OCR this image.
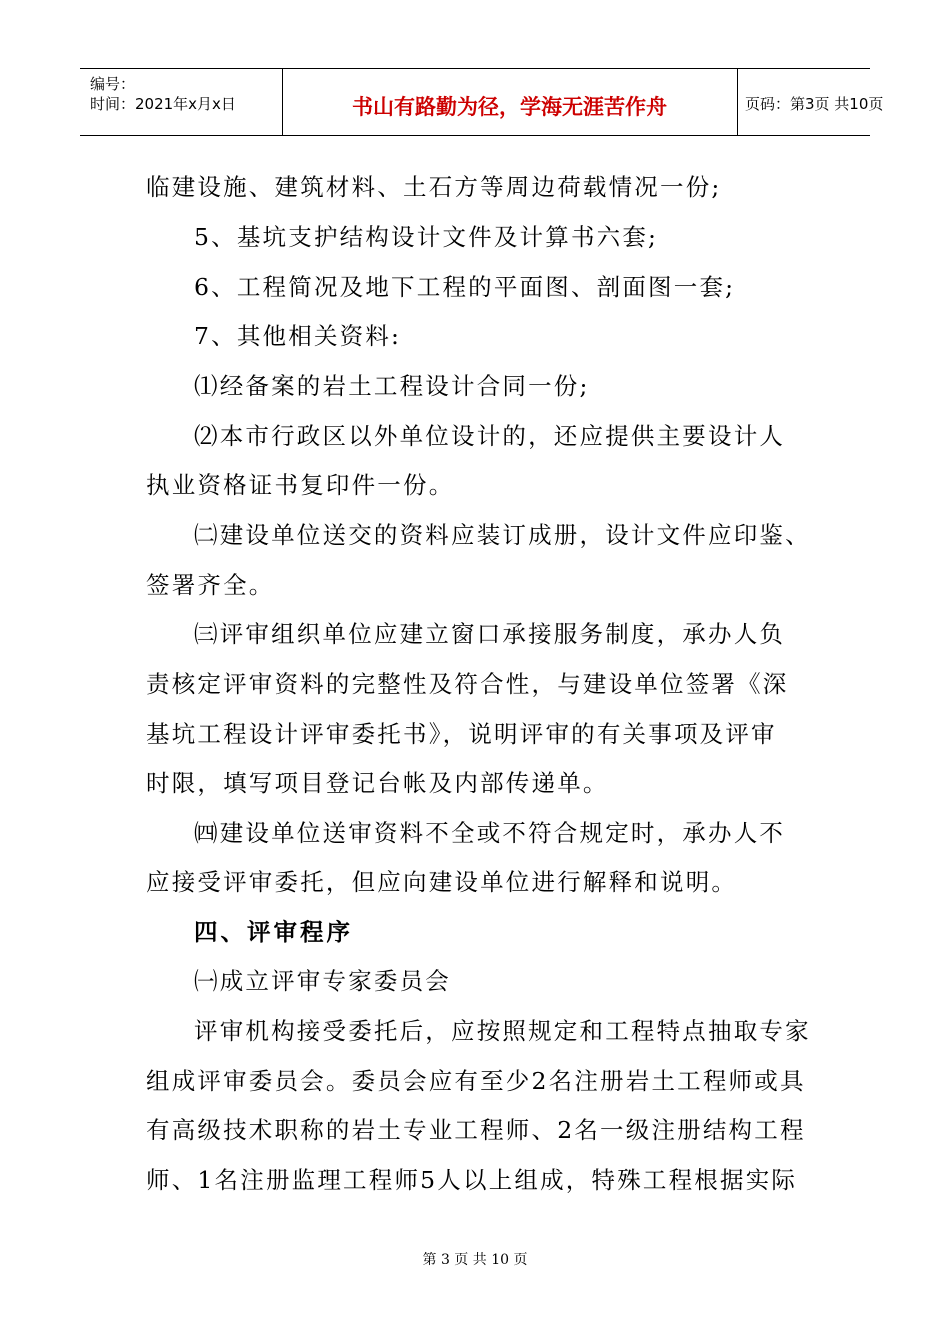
编号：
时间：2021年x月x日	书山有路勤为径，学海无涯苦作舟	页码：第3页 共10页
临建设施、建筑材料、土石方等周边荷载情况一份;
5、基坑支护结构设计文件及计算书六套;
6、工程简况及地下工程的平面图、剖面图一套;
7、其他相关资料:
⑴经备案的岩土工程设计合同一份;
⑵本市行政区以外单位设计的，还应提供主要设计人
执业资格证书复印件一份。
㈡建设单位送交的资料应装订成册，设计文件应印鉴、
签署齐全。
㈢评审组织单位应建立窗口承接服务制度，承办人负
责核定评审资料的完整性及符合性，与建设单位签署《深
基坑工程设计评审委托书》，说明评审的有关事项及评审
时限，填写项目登记台帐及内部传递单。
㈣建设单位送审资料不全或不符合规定时，承办人不
应接受评审委托，但应向建设单位进行解释和说明。
四、评审程序
㈠成立评审专家委员会
评审机构接受委托后，应按照规定和工程特点抽取专家
组成评审委员会。委员会应有至少2名注册岩土工程师或具
有高级技术职称的岩土专业工程师、2名一级注册结构工程
师、1名注册监理工程师5人以上组成，特殊工程根据实际
第 3 页 共 10 页
